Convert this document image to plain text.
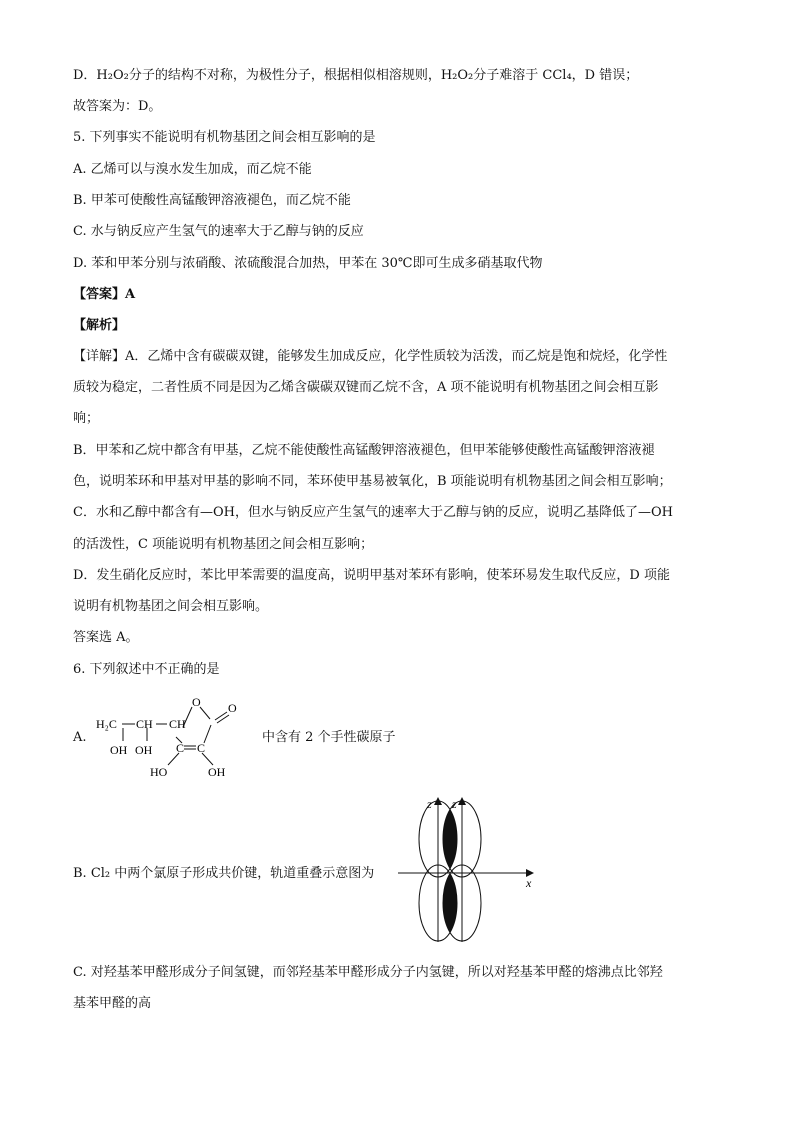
D．H₂O₂分子的结构不对称，为极性分子，根据相似相溶规则，H₂O₂分子难溶于 CCl₄，D 错误；
故答案为：D。
5. 下列事实不能说明有机物基团之间会相互影响的是
A. 乙烯可以与溴水发生加成，而乙烷不能
B. 甲苯可使酸性高锰酸钾溶液褪色，而乙烷不能
C. 水与钠反应产生氢气的速率大于乙醇与钠的反应
D. 苯和甲苯分别与浓硝酸、浓硫酸混合加热，甲苯在 30℃即可生成多硝基取代物
【答案】A
【解析】
【详解】A．乙烯中含有碳碳双键，能够发生加成反应，化学性质较为活泼，而乙烷是饱和烷烃，化学性
质较为稳定，二者性质不同是因为乙烯含碳碳双键而乙烷不含，A 项不能说明有机物基团之间会相互影
响；
B．甲苯和乙烷中都含有甲基，乙烷不能使酸性高锰酸钾溶液褪色，但甲苯能够使酸性高锰酸钾溶液褪
色，说明苯环和甲基对甲基的影响不同，苯环使甲基易被氧化，B 项能说明有机物基团之间会相互影响；
C．水和乙醇中都含有—OH，但水与钠反应产生氢气的速率大于乙醇与钠的反应，说明乙基降低了—OH
的活泼性，C 项能说明有机物基团之间会相互影响；
D．发生硝化反应时，苯比甲苯需要的温度高，说明甲基对苯环有影响，使苯环易发生取代反应，D 项能
说明有机物基团之间会相互影响。
答案选 A。
6. 下列叙述中不正确的是
A.
O O
H₂C CH CH
OH OH C C
HO	OH
中含有 2 个手性碳原子
B. Cl₂ 中两个氯原子形成共价键，轨道重叠示意图为
z z
x
C. 对羟基苯甲醛形成分子间氢键，而邻羟基苯甲醛形成分子内氢键，所以对羟基苯甲醛的熔沸点比邻羟
基苯甲醛的高
